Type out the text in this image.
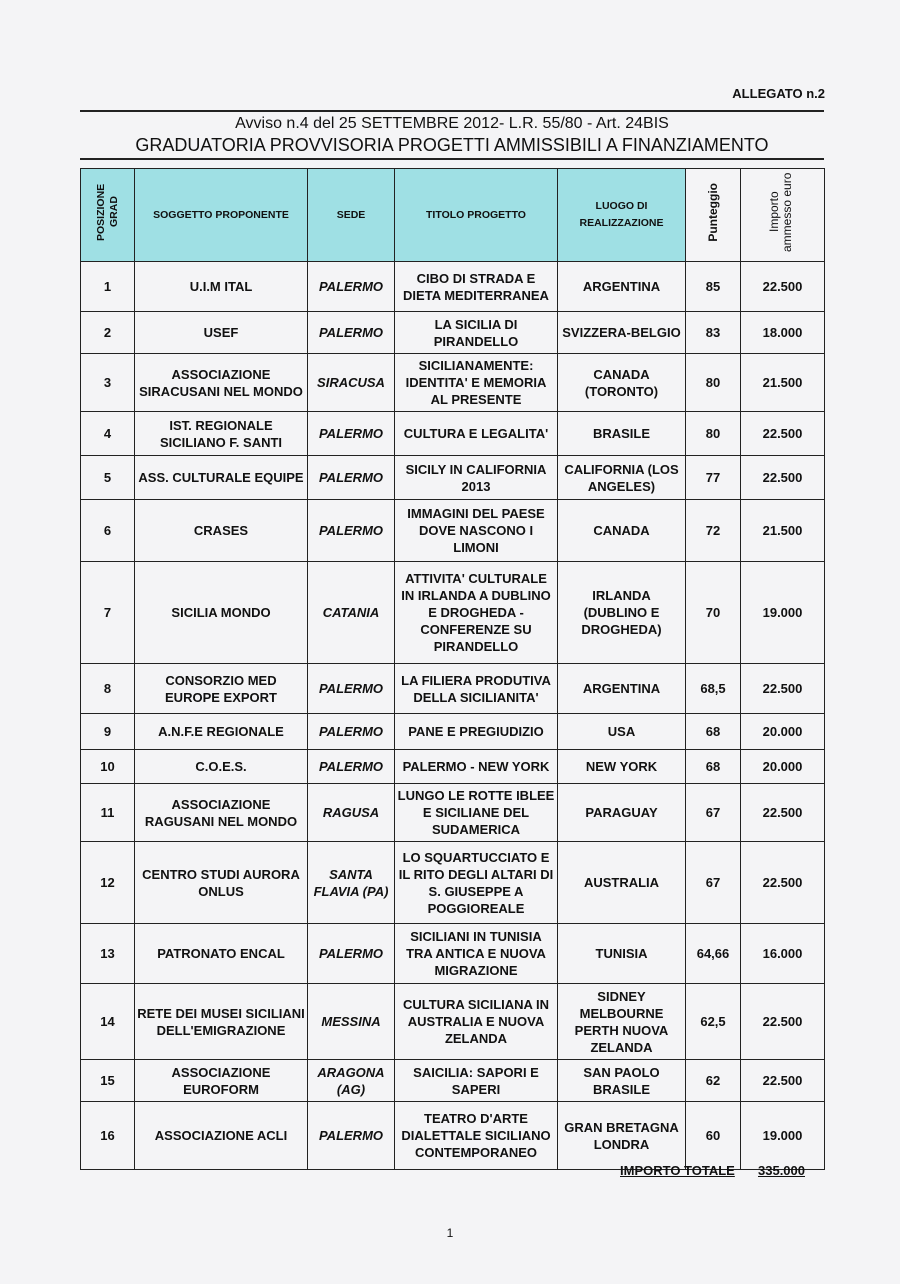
ALLEGATO n.2
Avviso n.4 del 25 SETTEMBRE 2012- L.R. 55/80 - Art. 24BIS
GRADUATORIA PROVVISORIA PROGETTI AMMISSIBILI A FINANZIAMENTO
POSIZIONE GRAD	SOGGETTO PROPONENTE	SEDE	TITOLO PROGETTO	LUOGO DI REALIZZAZIONE	Punteggio	Importo ammesso euro
1	U.I.M ITAL	PALERMO	CIBO DI STRADA E DIETA MEDITERRANEA	ARGENTINA	85	22.500
2	USEF	PALERMO	LA SICILIA DI PIRANDELLO	SVIZZERA-BELGIO	83	18.000
3	ASSOCIAZIONE SIRACUSANI NEL MONDO	SIRACUSA	SICILIANAMENTE: IDENTITA' E MEMORIA AL PRESENTE	CANADA (TORONTO)	80	21.500
4	IST. REGIONALE SICILIANO F. SANTI	PALERMO	CULTURA E LEGALITA'	BRASILE	80	22.500
5	ASS. CULTURALE EQUIPE	PALERMO	SICILY IN CALIFORNIA 2013	CALIFORNIA (LOS ANGELES)	77	22.500
6	CRASES	PALERMO	IMMAGINI DEL PAESE DOVE NASCONO I LIMONI	CANADA	72	21.500
7	SICILIA MONDO	CATANIA	ATTIVITA' CULTURALE IN IRLANDA A DUBLINO E DROGHEDA - CONFERENZE SU PIRANDELLO	IRLANDA (DUBLINO E DROGHEDA)	70	19.000
8	CONSORZIO MED EUROPE EXPORT	PALERMO	LA FILIERA PRODUTIVA DELLA SICILIANITA'	ARGENTINA	68,5	22.500
9	A.N.F.E REGIONALE	PALERMO	PANE E PREGIUDIZIO	USA	68	20.000
10	C.O.E.S.	PALERMO	PALERMO - NEW YORK	NEW YORK	68	20.000
11	ASSOCIAZIONE RAGUSANI NEL MONDO	RAGUSA	LUNGO LE ROTTE IBLEE E SICILIANE DEL SUDAMERICA	PARAGUAY	67	22.500
12	CENTRO STUDI AURORA ONLUS	SANTA FLAVIA (PA)	LO SQUARTUCCIATO E IL RITO DEGLI ALTARI DI S. GIUSEPPE A POGGIOREALE	AUSTRALIA	67	22.500
13	PATRONATO ENCAL	PALERMO	SICILIANI IN TUNISIA TRA ANTICA E NUOVA MIGRAZIONE	TUNISIA	64,66	16.000
14	RETE DEI MUSEI SICILIANI DELL'EMIGRAZIONE	MESSINA	CULTURA SICILIANA IN AUSTRALIA E NUOVA ZELANDA	SIDNEY MELBOURNE PERTH NUOVA ZELANDA	62,5	22.500
15	ASSOCIAZIONE EUROFORM	ARAGONA (AG)	SAICILIA: SAPORI E SAPERI	SAN PAOLO BRASILE	62	22.500
16	ASSOCIAZIONE ACLI	PALERMO	TEATRO D'ARTE DIALETTALE SICILIANO CONTEMPORANEO	GRAN BRETAGNA LONDRA	60	19.000
IMPORTO TOTALE 335.000
1
